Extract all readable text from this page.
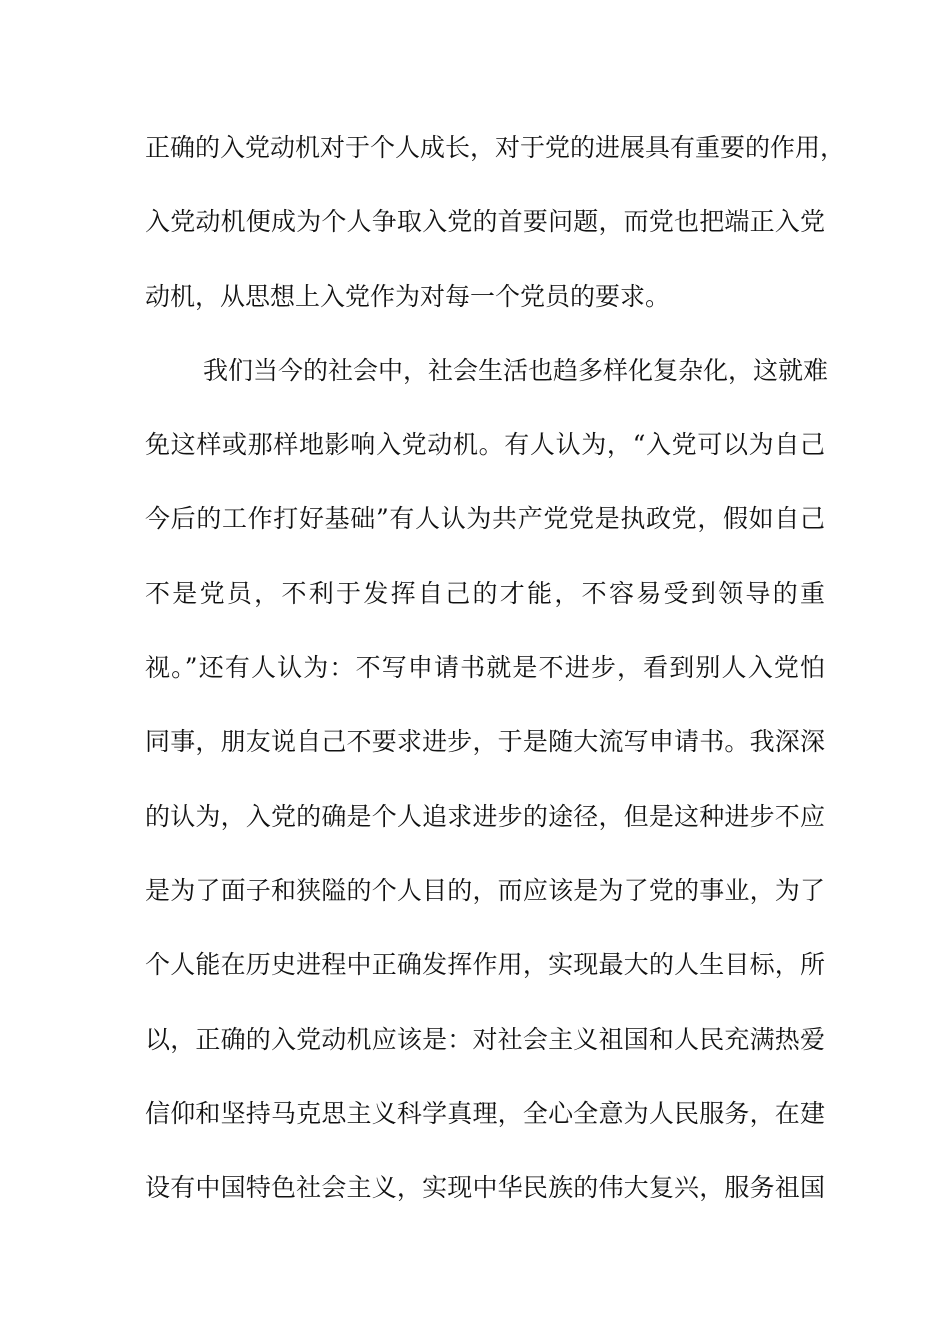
正确的入党动机对于个人成长，对于党的进展具有重要的作用，
入党动机便成为个人争取入党的首要问题，而党也把端正入党
动机，从思想上入党作为对每一个党员的要求。
我们当今的社会中，社会生活也趋多样化复杂化，这就难
免这样或那样地影响入党动机。有人认为，“入党可以为自己
今后的工作打好基础”有人认为共产党党是执政党，假如自己
不是党员，不利于发挥自己的才能，不容易受到领导的重
视。”还有人认为：不写申请书就是不进步，看到别人入党怕
同事，朋友说自己不要求进步，于是随大流写申请书。我深深
的认为，入党的确是个人追求进步的途径，但是这种进步不应
是为了面子和狭隘的个人目的，而应该是为了党的事业，为了
个人能在历史进程中正确发挥作用，实现最大的人生目标，所
以，正确的入党动机应该是：对社会主义祖国和人民充满热爱
信仰和坚持马克思主义科学真理，全心全意为人民服务，在建
设有中国特色社会主义，实现中华民族的伟大复兴，服务祖国
